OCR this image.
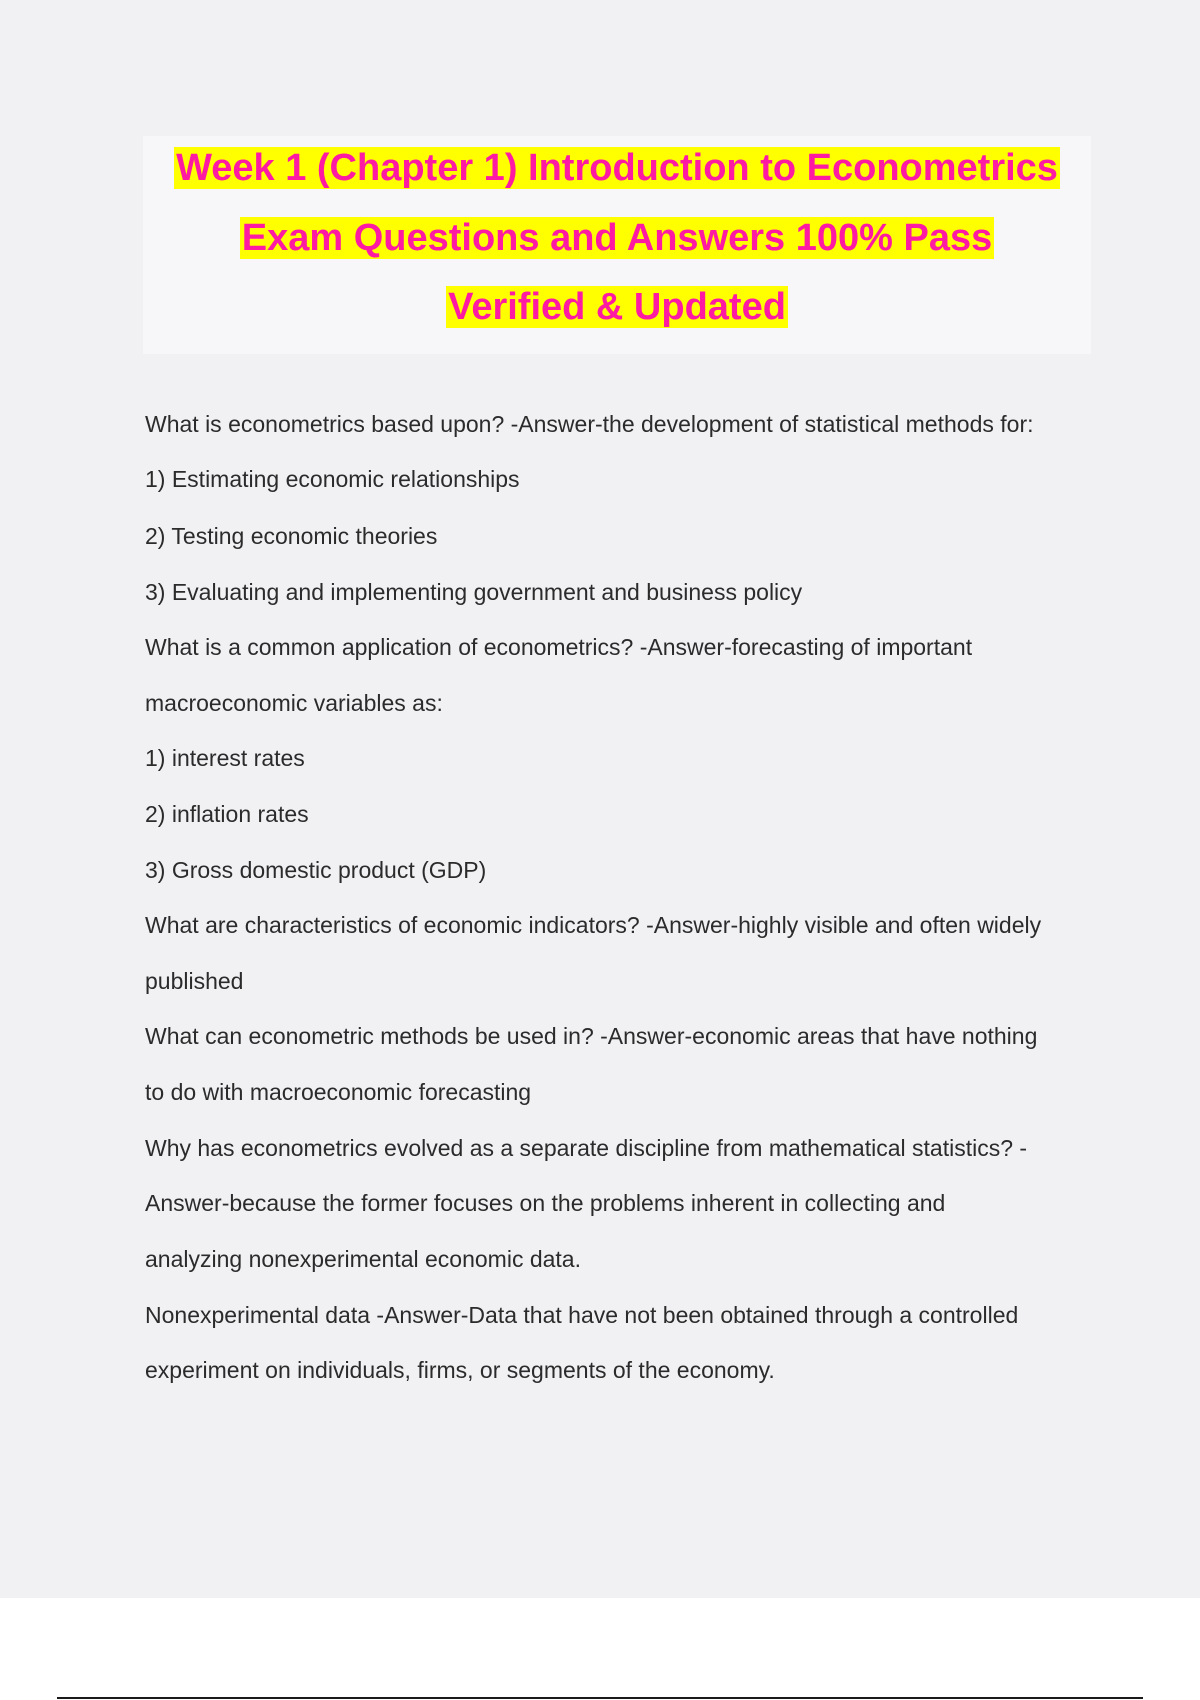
Week 1 (Chapter 1) Introduction to Econometrics
Exam Questions and Answers 100% Pass
Verified & Updated
What is econometrics based upon? -Answer-the development of statistical methods for:
1) Estimating economic relationships
2) Testing economic theories
3) Evaluating and implementing government and business policy
What is a common application of econometrics? -Answer-forecasting of important
macroeconomic variables as:
1) interest rates
2) inflation rates
3) Gross domestic product (GDP)
What are characteristics of economic indicators? -Answer-highly visible and often widely
published
What can econometric methods be used in? -Answer-economic areas that have nothing
to do with macroeconomic forecasting
Why has econometrics evolved as a separate discipline from mathematical statistics? -
Answer-because the former focuses on the problems inherent in collecting and
analyzing nonexperimental economic data.
Nonexperimental data -Answer-Data that have not been obtained through a controlled
experiment on individuals, firms, or segments of the economy.
